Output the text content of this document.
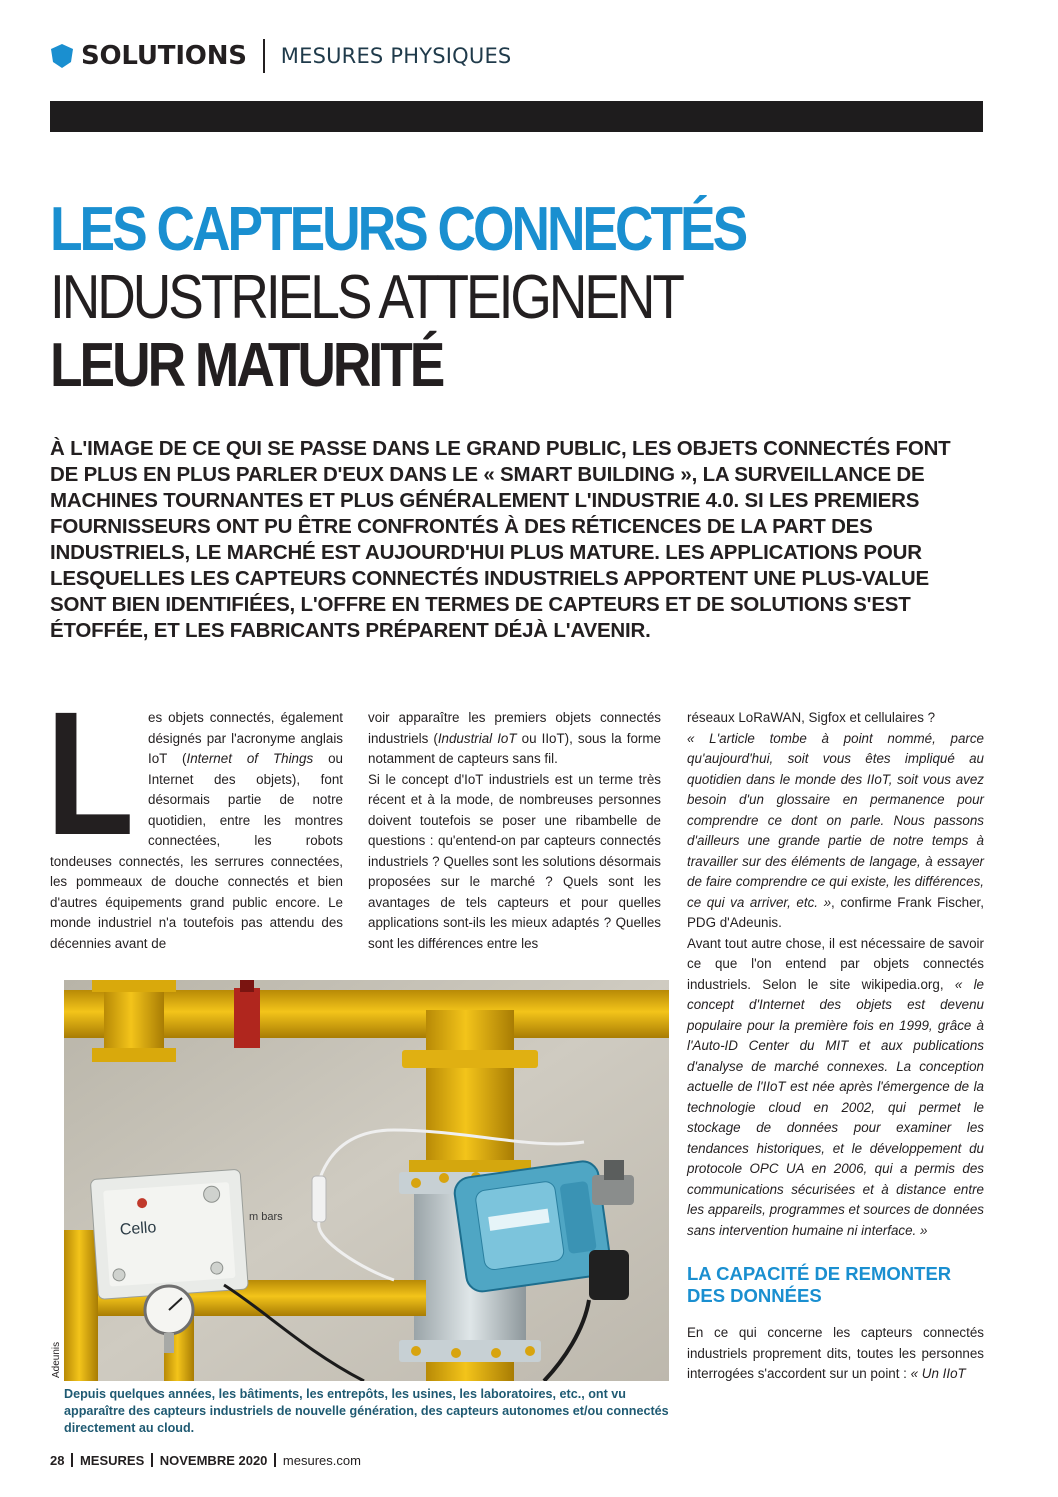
SOLUTIONS MESURES PHYSIQUES
LES CAPTEURS CONNECTÉS
INDUSTRIELS ATTEIGNENT
LEUR MATURITÉ
À L'IMAGE DE CE QUI SE PASSE DANS LE GRAND PUBLIC, LES OBJETS CONNECTÉS FONT DE PLUS EN PLUS PARLER D'EUX DANS LE « SMART BUILDING », LA SURVEILLANCE DE MACHINES TOURNANTES ET PLUS GÉNÉRALEMENT L'INDUSTRIE 4.0. SI LES PREMIERS FOURNISSEURS ONT PU ÊTRE CONFRONTÉS À DES RÉTICENCES DE LA PART DES INDUSTRIELS, LE MARCHÉ EST AUJOURD'HUI PLUS MATURE. LES APPLICATIONS POUR LESQUELLES LES CAPTEURS CONNECTÉS INDUSTRIELS APPORTENT UNE PLUS-VALUE SONT BIEN IDENTIFIÉES, L'OFFRE EN TERMES DE CAPTEURS ET DE SOLUTIONS S'EST ÉTOFFÉE, ET LES FABRICANTS PRÉPARENT DÉJÀ L'AVENIR.
L	es objets connectés, également désignés par l'acronyme anglais IoT (Internet of Things ou Internet des objets), font désormais partie de notre quotidien, entre les montres connectées, les robots tondeuses connectés, les serrures connectées, les pommeaux de douche connectés et bien d'autres équipements grand public encore. Le monde industriel n'a toutefois pas attendu des décennies avant de

voir apparaître les premiers objets connectés industriels (Industrial IoT ou IIoT), sous la forme notamment de capteurs sans fil.

Si le concept d'IoT industriels est un terme très récent et à la mode, de nombreuses personnes doivent toutefois se poser une ribambelle de questions : qu'entend-on par capteurs connectés industriels ? Quelles sont les solutions désormais proposées sur le marché ? Quels sont les avantages de tels capteurs et pour quelles applications sont-ils les mieux adaptés ? Quelles sont les différences entre les

réseaux LoRaWAN, Sigfox et cellulaires ?

« L'article tombe à point nommé, parce qu'aujourd'hui, soit vous êtes impliqué au quotidien dans le monde des IIoT, soit vous avez besoin d'un glossaire en permanence pour comprendre ce dont on parle. Nous passons d'ailleurs une grande partie de notre temps à travailler sur des éléments de langage, à essayer de faire comprendre ce qui existe, les différences, ce qui va arriver, etc. », confirme Frank Fischer, PDG d'Adeunis.

Avant tout autre chose, il est nécessaire de savoir ce que l'on entend par objets connectés industriels. Selon le site wikipedia.org, « le concept d'Internet des objets est devenu populaire pour la première fois en 1999, grâce à l'Auto-ID Center du MIT et aux publications d'analyse de marché connexes. La conception actuelle de l'IIoT est née après l'émergence de la technologie cloud en 2002, qui permet le stockage de données pour examiner les tendances historiques, et le développement du protocole OPC UA en 2006, qui a permis des communications sécurisées et à distance entre les appareils, programmes et sources de données sans intervention humaine ni interface. »

LA CAPACITÉ DE REMONTER DES DONNÉES

En ce qui concerne les capteurs connectés industriels proprement dits, toutes les personnes interrogées s'accordent sur un point : « Un IIoT

Cello
m bars
Adeunis
Depuis quelques années, les bâtiments, les entrepôts, les usines, les laboratoires, etc., ont vu apparaître des capteurs industriels de nouvelle génération, des capteurs autonomes et/ou connectés directement au cloud.
28 MESURES NOVEMBRE 2020 mesures.com
